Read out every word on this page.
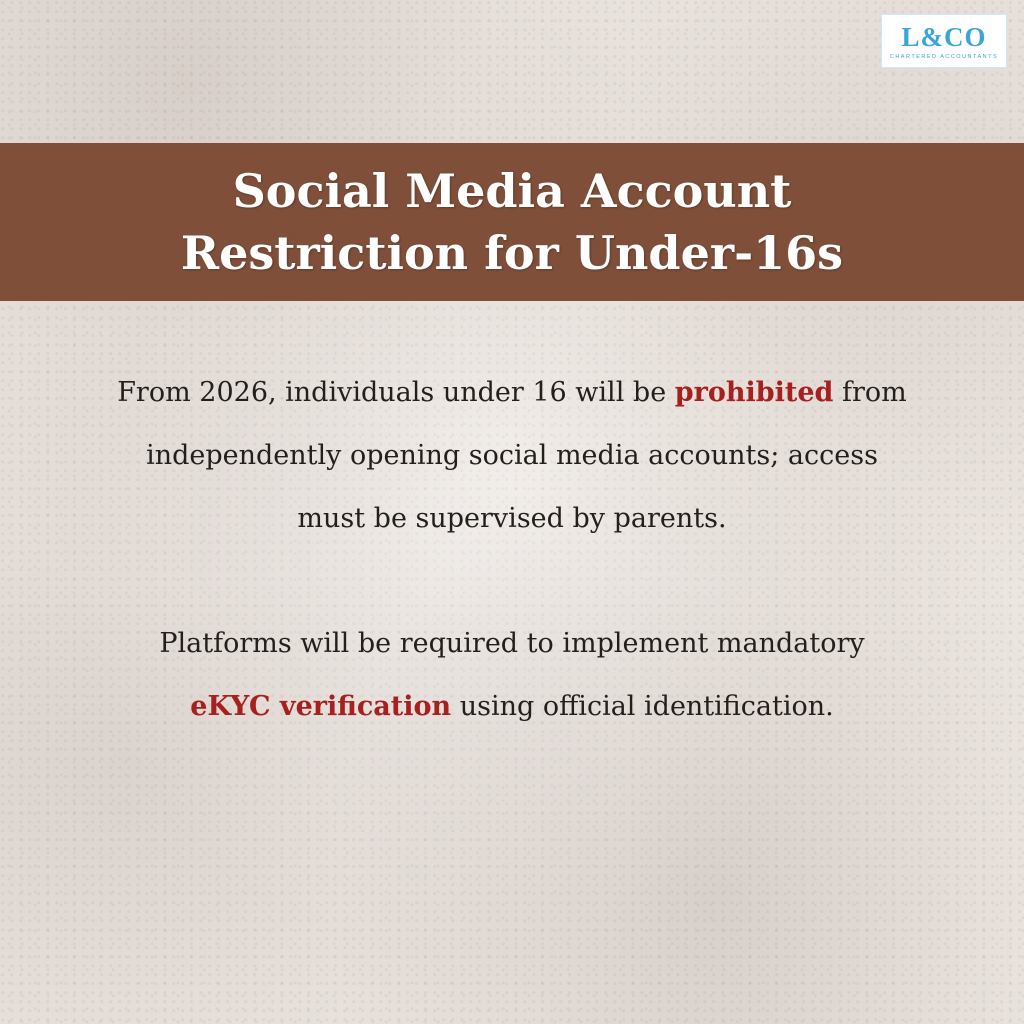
L&CO
CHARTERED ACCOUNTANTS
Social Media Account
Restriction for Under-16s
From 2026, individuals under 16 will be prohibited from
independently opening social media accounts; access
must be supervised by parents.
Platforms will be required to implement mandatory
eKYC verification using official identification.
